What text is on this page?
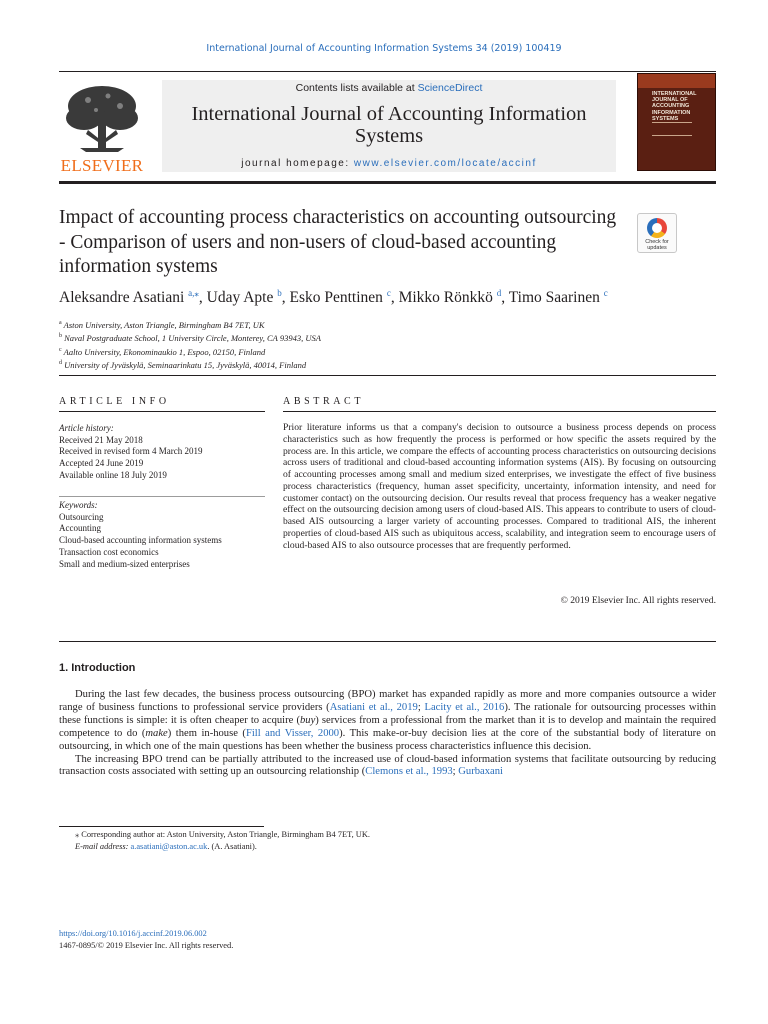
International Journal of Accounting Information Systems 34 (2019) 100419
ELSEVIER
Contents lists available at ScienceDirect
International Journal of Accounting Information Systems
journal homepage: www.elsevier.com/locate/accinf
INTERNATIONAL JOURNAL OF ACCOUNTING INFORMATION SYSTEMS
Impact of accounting process characteristics on accounting outsourcing - Comparison of users and non-users of cloud-based accounting information systems
Check for updates
Aleksandre Asatiani $^{a,⁎}$, Uday Apte $^b$, Esko Penttinen $^c$, Mikko Rönkkö $^d$, Timo Saarinen $^c$
$^a$ Aston University, Aston Triangle, Birmingham B4 7ET, UK
$^b$ Naval Postgraduate School, 1 University Circle, Monterey, CA 93943, USA
$^c$ Aalto University, Ekonominaukio 1, Espoo, 02150, Finland
$^d$ University of Jyväskylä, Seminaarinkatu 15, Jyväskylä, 40014, Finland
ARTICLE INFO	ABSTRACT
Article history:
Received 21 May 2018
Received in revised form 4 March 2019
Accepted 24 June 2019
Available online 18 July 2019
Keywords:
Outsourcing
Accounting
Cloud-based accounting information systems
Transaction cost economics
Small and medium-sized enterprises
Prior literature informs us that a company's decision to outsource a business process depends on process characteristics such as how frequently the process is performed or how specific the assets required by the process are. In this article, we compare the effects of accounting process characteristics on outsourcing decisions across users of traditional and cloud-based accounting information systems (AIS). By focusing on outsourcing of accounting processes among small and medium sized enterprises, we investigate the effect of five business process characteristics (frequency, human asset specificity, uncertainty, information intensity, and need for customer contact) on the outsourcing decision. Our results reveal that process frequency has a weaker negative effect on the outsourcing decision among users of cloud-based AIS. This appears to contribute to users of cloud-based AIS outsourcing a larger variety of accounting processes. Compared to traditional AIS, the inherent properties of cloud-based AIS such as ubiquitous access, scalability, and integration seem to encourage users of cloud-based AIS to also outsource processes that are frequently performed.
© 2019 Elsevier Inc. All rights reserved.
1. Introduction

During the last few decades, the business process outsourcing (BPO) market has expanded rapidly as more and more companies outsource a wider range of business functions to professional service providers (Asatiani et al., 2019; Lacity et al., 2016). The rationale for outsourcing processes within these functions is simple: it is often cheaper to acquire (buy) services from a professional from the market than it is to develop and maintain the required competence to do (make) them in-house (Fill and Visser, 2000). This make-or-buy decision lies at the core of the substantial body of literature on outsourcing, in which one of the main questions has been whether the business process characteristics influence this decision.

The increasing BPO trend can be partially attributed to the increased use of cloud-based information systems that facilitate outsourcing by reducing transaction costs associated with setting up an outsourcing relationship (Clemons et al., 1993; Gurbaxani

⁎ Corresponding author at: Aston University, Aston Triangle, Birmingham B4 7ET, UK.
E-mail address: a.asatiani@aston.ac.uk. (A. Asatiani).
https://doi.org/10.1016/j.accinf.2019.06.002
1467-0895/© 2019 Elsevier Inc. All rights reserved.
